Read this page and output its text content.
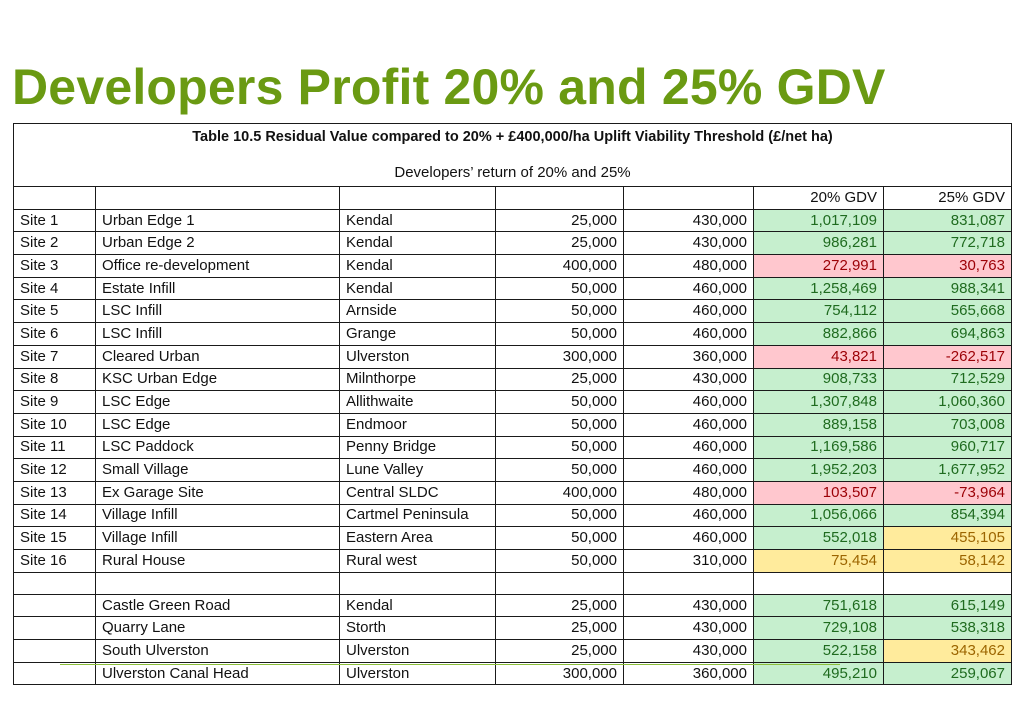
Developers Profit 20% and 25% GDV
Table 10.5 Residual Value compared to 20% + £400,000/ha Uplift Viability Threshold (£/net ha)
Developers’ return of 20% and 25%						

					20% GDV	25% GDV
Site 1	Urban Edge 1	Kendal	25,000	430,000	1,017,109	831,087
Site 2	Urban Edge 2	Kendal	25,000	430,000	986,281	772,718
Site 3	Office re-development	Kendal	400,000	480,000	272,991	30,763
Site 4	Estate Infill	Kendal	50,000	460,000	1,258,469	988,341
Site 5	LSC Infill	Arnside	50,000	460,000	754,112	565,668
Site 6	LSC Infill	Grange	50,000	460,000	882,866	694,863
Site 7	Cleared Urban	Ulverston	300,000	360,000	43,821	-262,517
Site 8	KSC Urban Edge	Milnthorpe	25,000	430,000	908,733	712,529
Site 9	LSC Edge	Allithwaite	50,000	460,000	1,307,848	1,060,360
Site 10	LSC Edge	Endmoor	50,000	460,000	889,158	703,008
Site 11	LSC Paddock	Penny Bridge	50,000	460,000	1,169,586	960,717
Site 12	Small Village	Lune Valley	50,000	460,000	1,952,203	1,677,952
Site 13	Ex Garage Site	Central SLDC	400,000	480,000	103,507	-73,964
Site 14	Village Infill	Cartmel Peninsula	50,000	460,000	1,056,066	854,394
Site 15	Village Infill	Eastern Area	50,000	460,000	552,018	455,105
Site 16	Rural House	Rural west	50,000	310,000	75,454	58,142

	Castle Green Road	Kendal	25,000	430,000	751,618	615,149
	Quarry Lane	Storth	25,000	430,000	729,108	538,318
	South Ulverston	Ulverston	25,000	430,000	522,158	343,462
	Ulverston Canal Head	Ulverston	300,000	360,000	495,210	259,067
